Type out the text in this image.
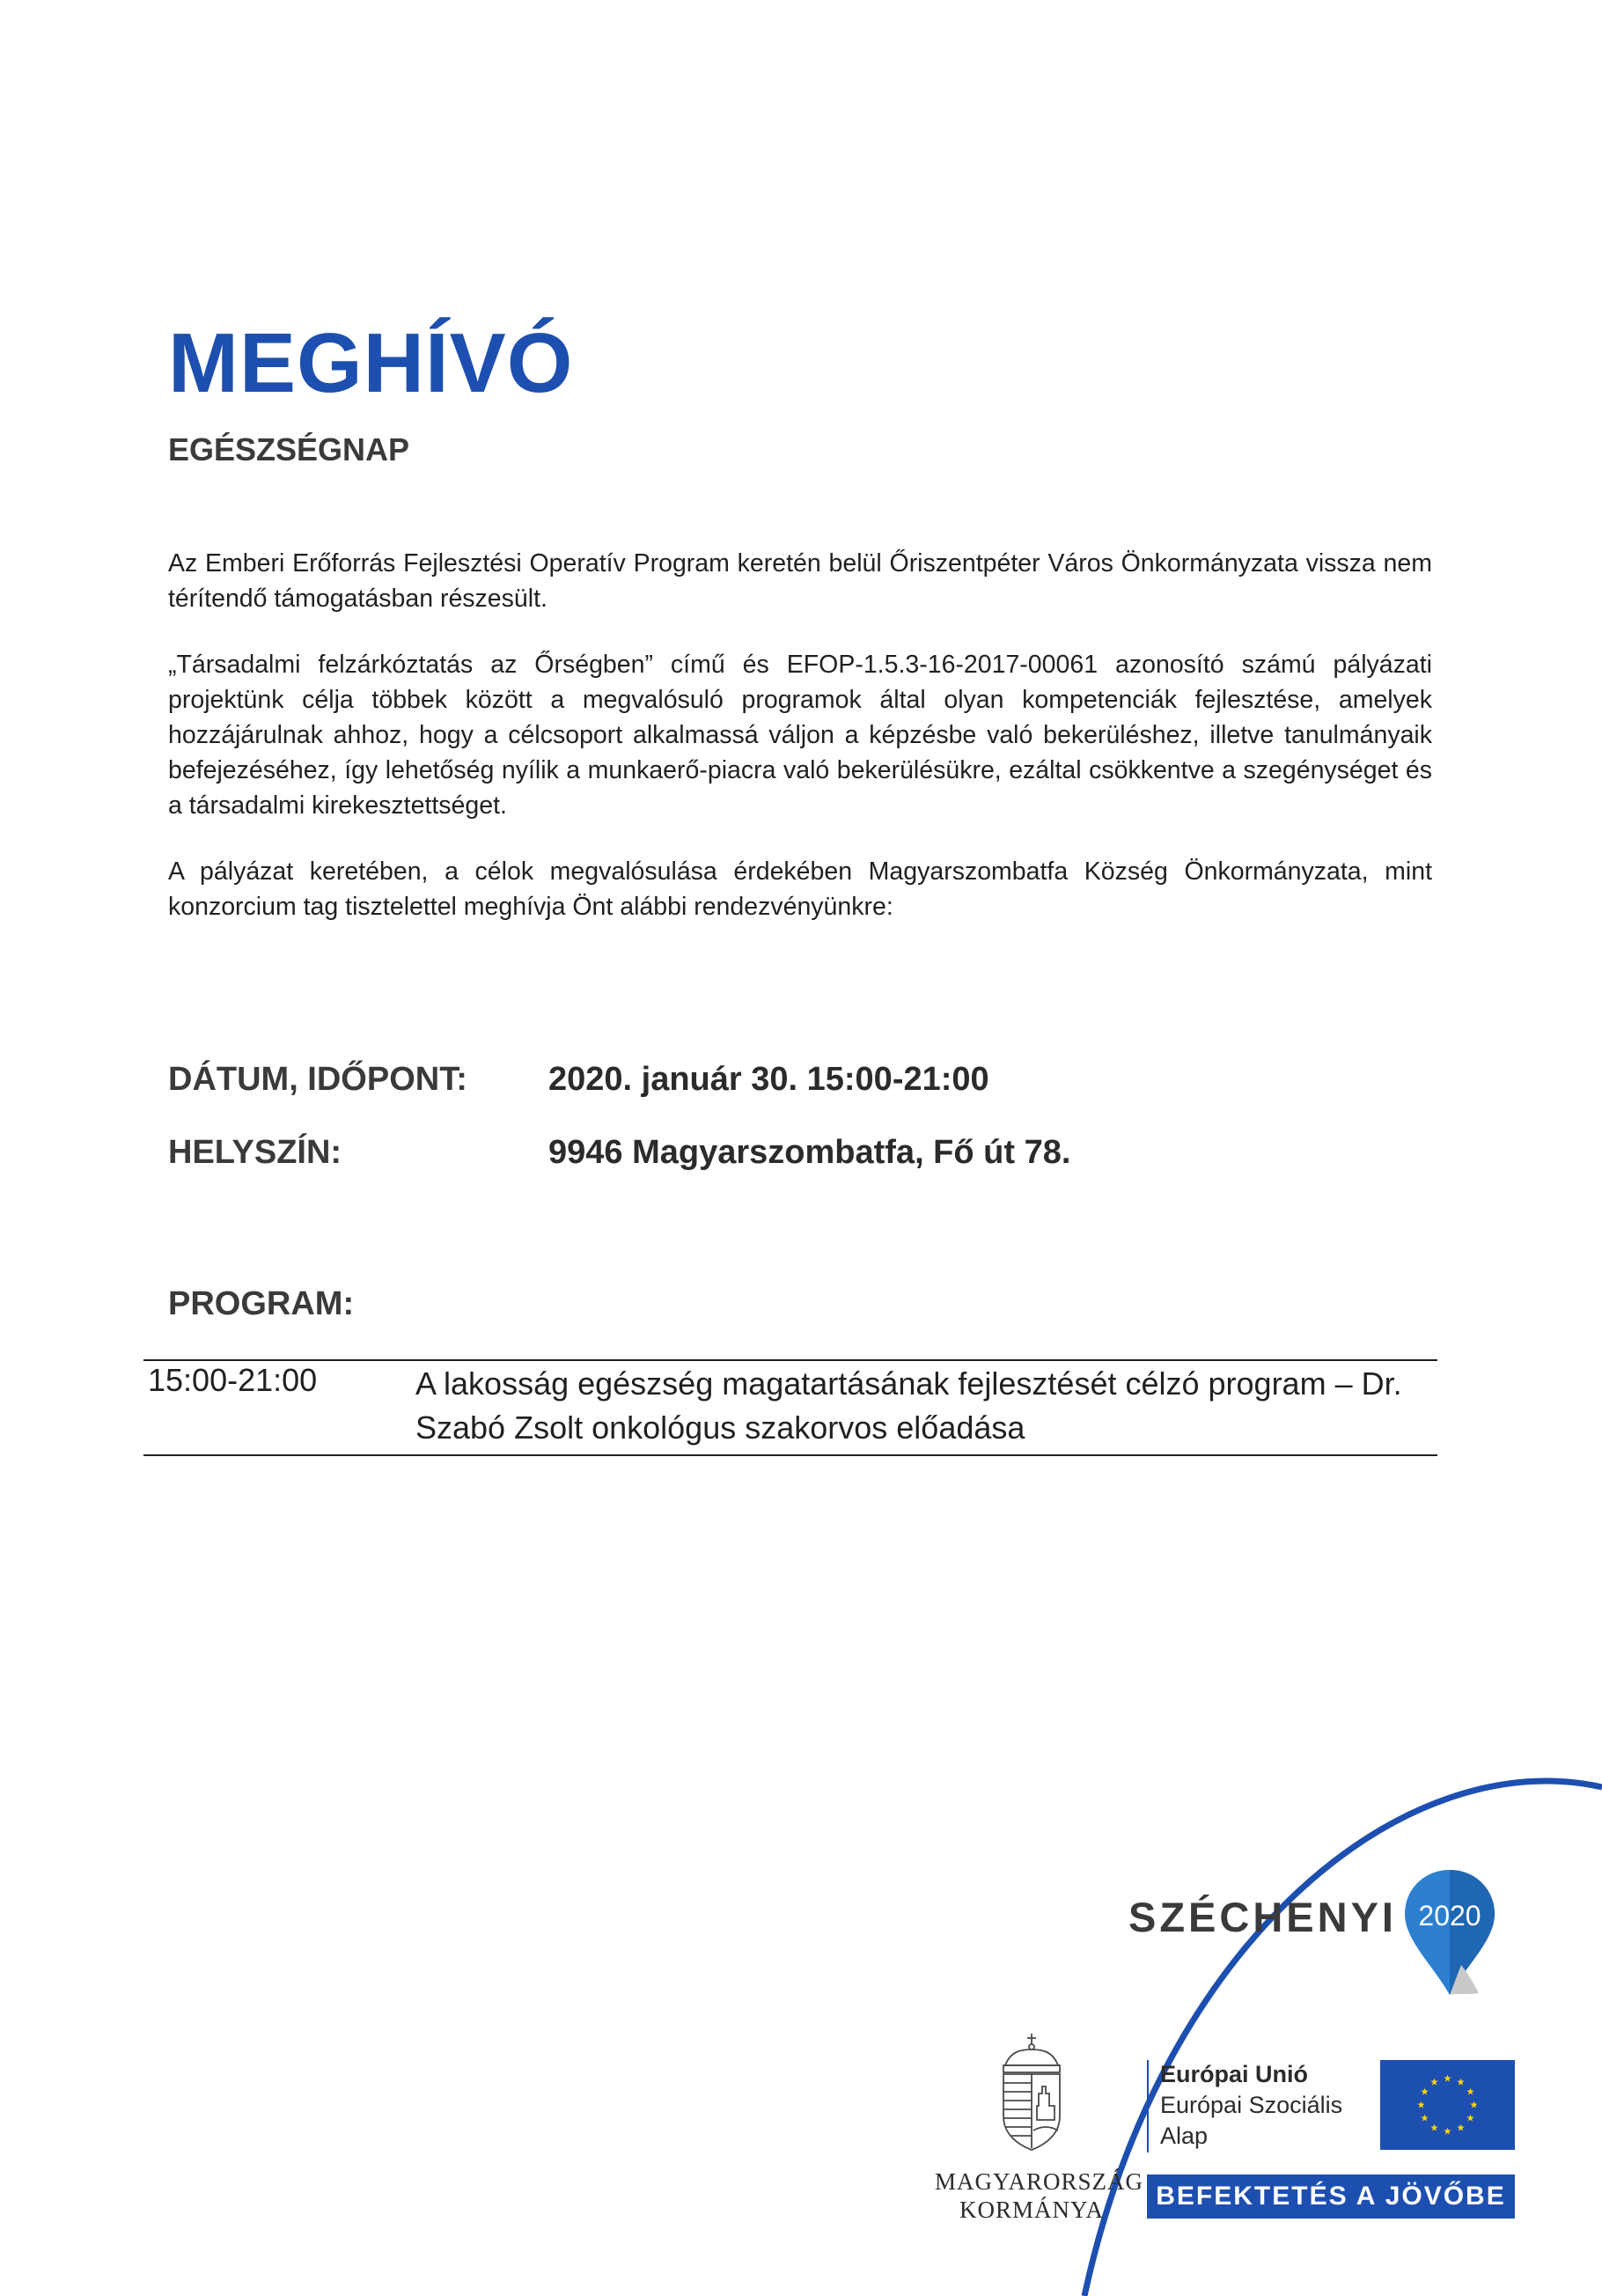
MEGHÍVÓ
EGÉSZSÉGNAP

Az Emberi Erőforrás Fejlesztési Operatív Program keretén belül Őriszentpéter Város Önkormányzata vissza nem térítendő támogatásban részesült.

„Társadalmi felzárkóztatás az Őrségben” című és EFOP-1.5.3-16-2017-00061 azonosító számú pályázati projektünk célja többek között a megvalósuló programok által olyan kompetenciák fejlesztése, amelyek hozzájárulnak ahhoz, hogy a célcsoport alkalmassá váljon a képzésbe való bekerüléshez, illetve tanulmányaik befejezéséhez, így lehetőség nyílik a munkaerő-piacra való bekerülésükre, ezáltal csökkentve a szegénységet és a társadalmi kirekesztettséget.

A pályázat keretében, a célok megvalósulása érdekében Magyarszombatfa Község Önkormányzata, mint konzorcium tag tisztelettel meghívja Önt alábbi rendezvényünkre:

DÁTUM, IDŐPONT: 2020. január 30. 15:00-21:00
HELYSZÍN:	9946 Magyarszombatfa, Fő út 78.
PROGRAM:
15:00-21:00	A lakosság egészség magatartásának fejlesztését célzó program – Dr. Szabó Zsolt onkológus szakorvos előadása
SZÉCHENYI 2020
MAGYARORSZÁG
KORMÁNYA
Európai Unió
Európai Szociális
Alap
BEFEKTETÉS A JÖVŐBE
